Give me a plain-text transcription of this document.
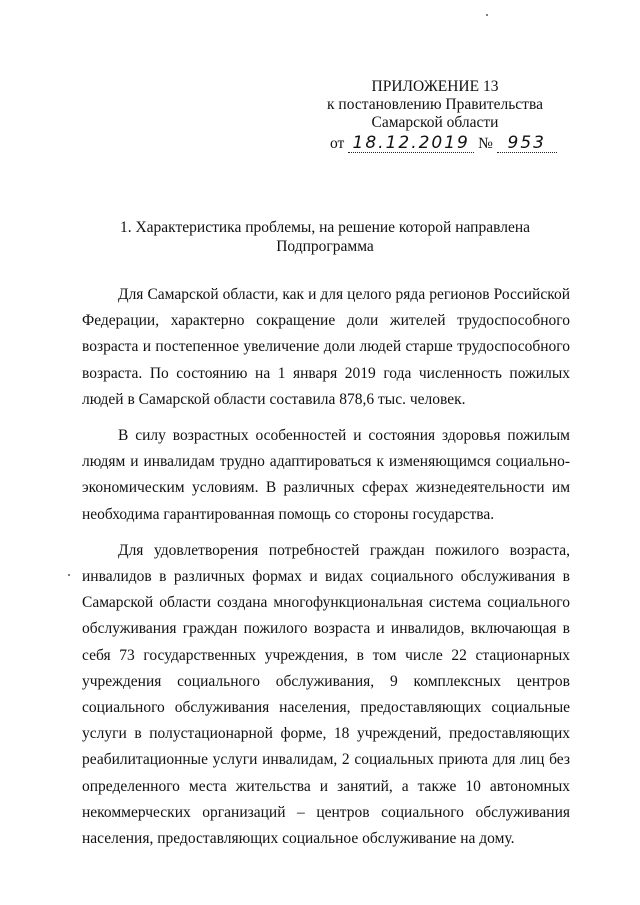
ПРИЛОЖЕНИЕ 13
к постановлению Правительства
Самарской области
от 18.12.2019 № 953
1. Характеристика проблемы, на решение которой направлена
Подпрограмма

Для Самарской области, как и для целого ряда регионов Российской Федерации, характерно сокращение доли жителей трудоспособного возраста и постепенное увеличение доли людей старше трудоспособного возраста. По состоянию на 1 января 2019 года численность пожилых людей в Самарской области составила 878,6 тыс. человек.

В силу возрастных особенностей и состояния здоровья пожилым людям и инвалидам трудно адаптироваться к изменяющимся социально-экономическим условиям. В различных сферах жизнедеятельности им необходима гарантированная помощь со стороны государства.

Для удовлетворения потребностей граждан пожилого возраста, инвалидов в различных формах и видах социального обслуживания в Самарской области создана многофункциональная система социального обслуживания граждан пожилого возраста и инвалидов, включающая в себя 73 государственных учреждения, в том числе 22 стационарных учреждения социального обслуживания, 9 комплексных центров социального обслуживания населения, предоставляющих социальные услуги в полустационарной форме, 18 учреждений, предоставляющих реабилитационные услуги инвалидам, 2 социальных приюта для лиц без определенного места жительства и занятий, а также 10 автономных некоммерческих организаций – центров социального обслуживания населения, предоставляющих социальное обслуживание на дому.
